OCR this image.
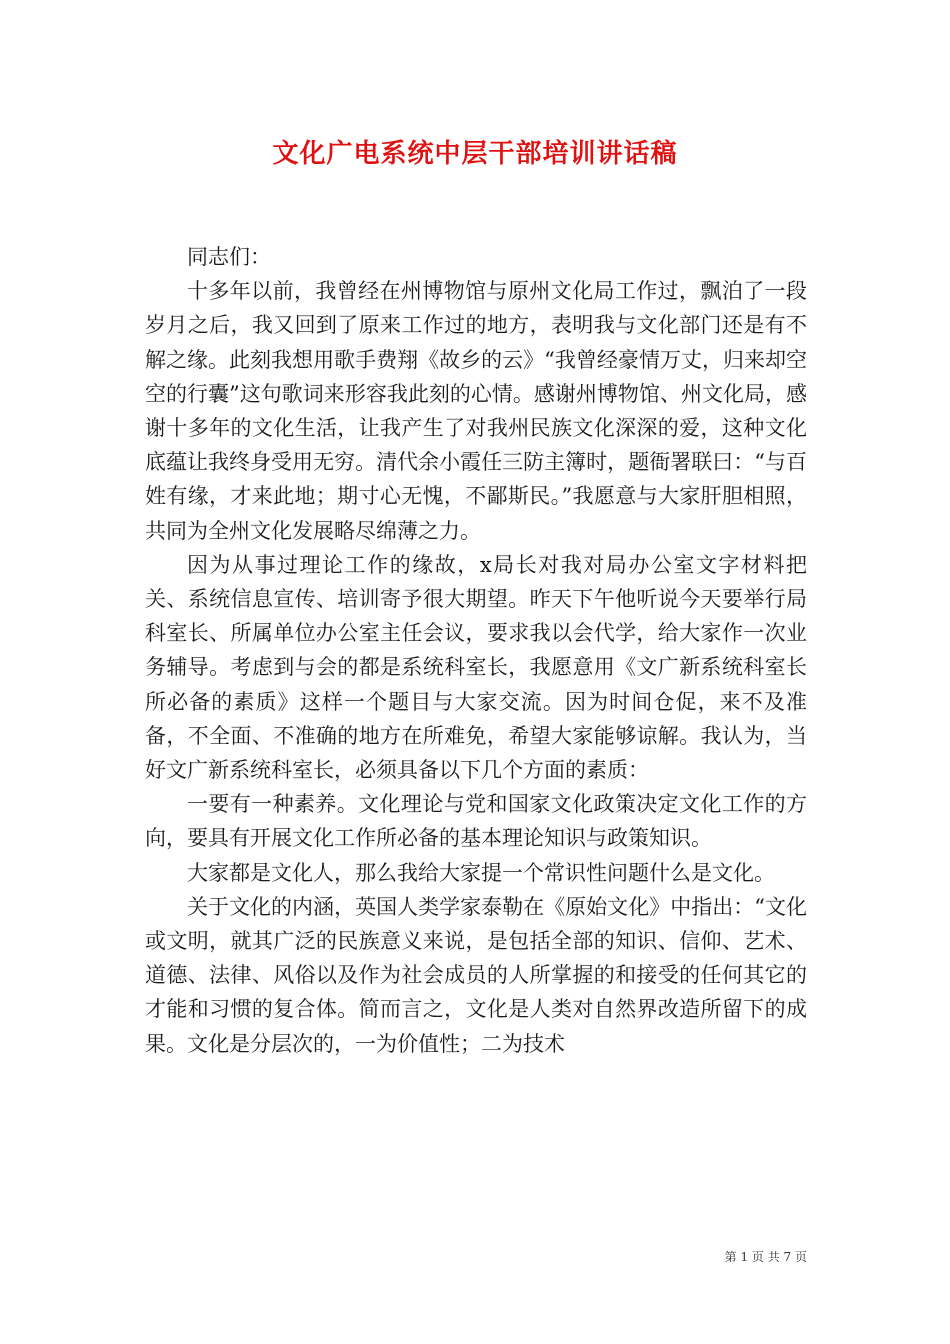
文化广电系统中层干部培训讲话稿

同志们：

十多年以前，我曾经在州博物馆与原州文化局工作过，飘泊了一段岁月之后，我又回到了原来工作过的地方，表明我与文化部门还是有不解之缘。此刻我想用歌手费翔《故乡的云》“我曾经豪情万丈，归来却空空的行囊”这句歌词来形容我此刻的心情。感谢州博物馆、州文化局，感谢十多年的文化生活，让我产生了对我州民族文化深深的爱，这种文化底蕴让我终身受用无穷。清代余小霞任三防主簿时，题衙署联曰：“与百姓有缘，才来此地；期寸心无愧，不鄙斯民。”我愿意与大家肝胆相照，共同为全州文化发展略尽绵薄之力。

因为从事过理论工作的缘故，x局长对我对局办公室文字材料把关、系统信息宣传、培训寄予很大期望。昨天下午他听说今天要举行局科室长、所属单位办公室主任会议，要求我以会代学，给大家作一次业务辅导。考虑到与会的都是系统科室长，我愿意用《文广新系统科室长所必备的素质》这样一个题目与大家交流。因为时间仓促，来不及准备，不全面、不准确的地方在所难免，希望大家能够谅解。我认为，当好文广新系统科室长，必须具备以下几个方面的素质：

一要有一种素养。文化理论与党和国家文化政策决定文化工作的方向，要具有开展文化工作所必备的基本理论知识与政策知识。

大家都是文化人，那么我给大家提一个常识性问题什么是文化。

关于文化的内涵，英国人类学家泰勒在《原始文化》中指出：“文化或文明，就其广泛的民族意义来说，是包括全部的知识、信仰、艺术、道德、法律、风俗以及作为社会成员的人所掌握的和接受的任何其它的才能和习惯的复合体。简而言之，文化是人类对自然界改造所留下的成果。文化是分层次的，一为价值性；二为技术

第 1 页 共 7 页
